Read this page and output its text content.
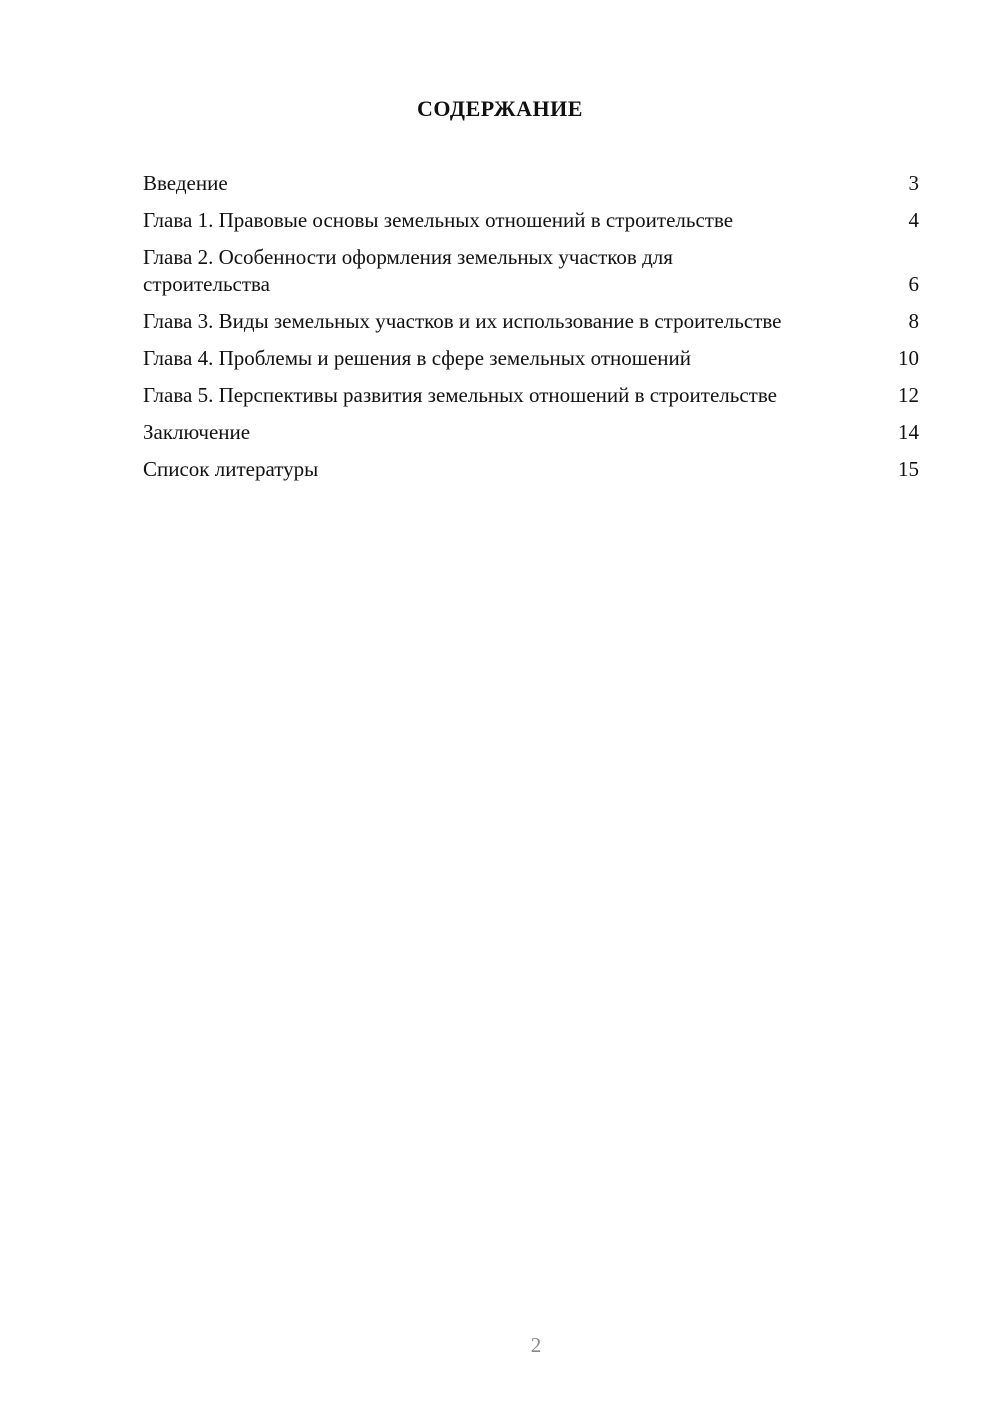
СОДЕРЖАНИЕ
Введение	3
Глава 1. Правовые основы земельных отношений в строительстве	4
Глава 2. Особенности оформления земельных участков для строительства	6
Глава 3. Виды земельных участков и их использование в строительстве	8
Глава 4. Проблемы и решения в сфере земельных отношений	10
Глава 5. Перспективы развития земельных отношений в строительстве	12
Заключение	14
Список литературы	15
2
